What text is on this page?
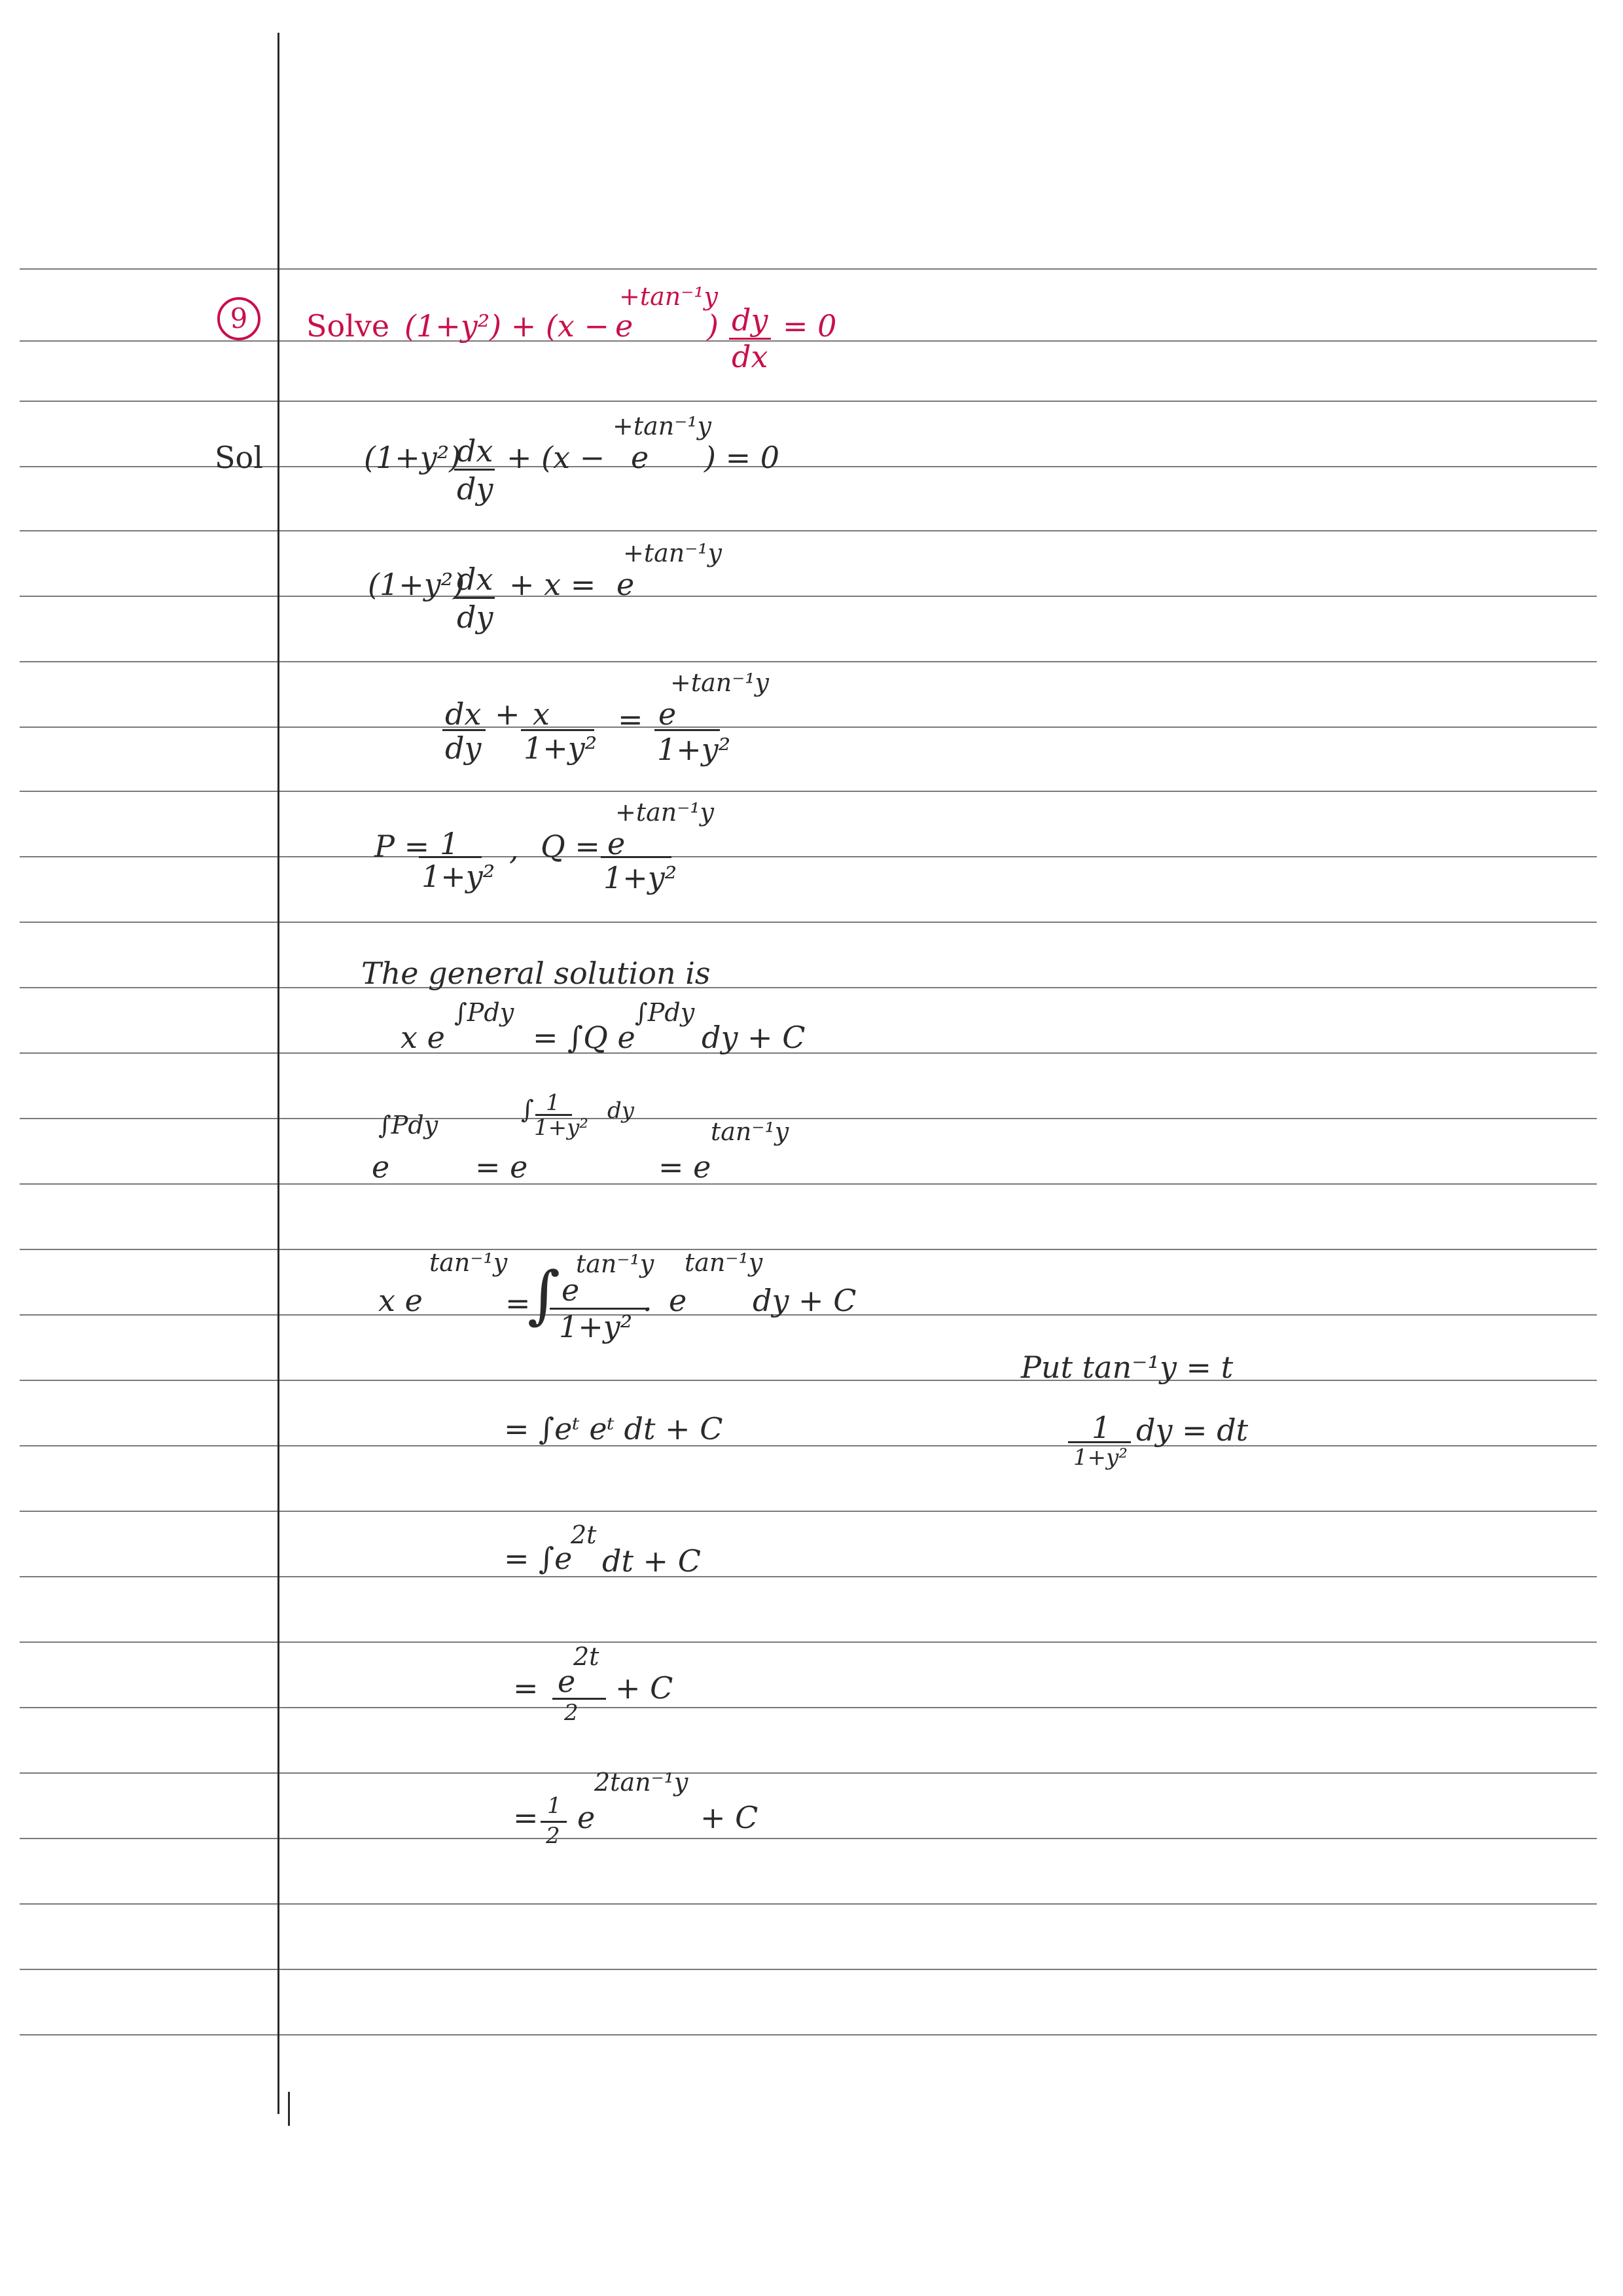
9	Solve (1+y²) + (x − e
+tan⁻¹y
) dy
dx
= 0
Sol	(1+y²)
dx
dy
+ (x − e
+tan⁻¹y
) = 0
(1+y²)
dx
dy
+ x = e
+tan⁻¹y
dx
dy
+ x
1+y²
= e
+tan⁻¹y
1+y²
P = 1
1+y²
, Q = e
+tan⁻¹y
1+y²
The general solution is
x e
∫Pdy
= ∫Q e
∫Pdy
dy + C
∫Pdy
e	= e
∫ 1
1+y²
dy
= e
tan⁻¹y
tan⁻¹y
x e	=
∫ e
tan⁻¹y
1+y²
. e
tan⁻¹y
dy + C
Put tan⁻¹y = t
1
1+y²
dy = dt
= ∫eᵗ eᵗ dt + C
= ∫e
2t
dt + C
= e
2t
2
+ C
= 1
2
e
2tan⁻¹y
+ C
